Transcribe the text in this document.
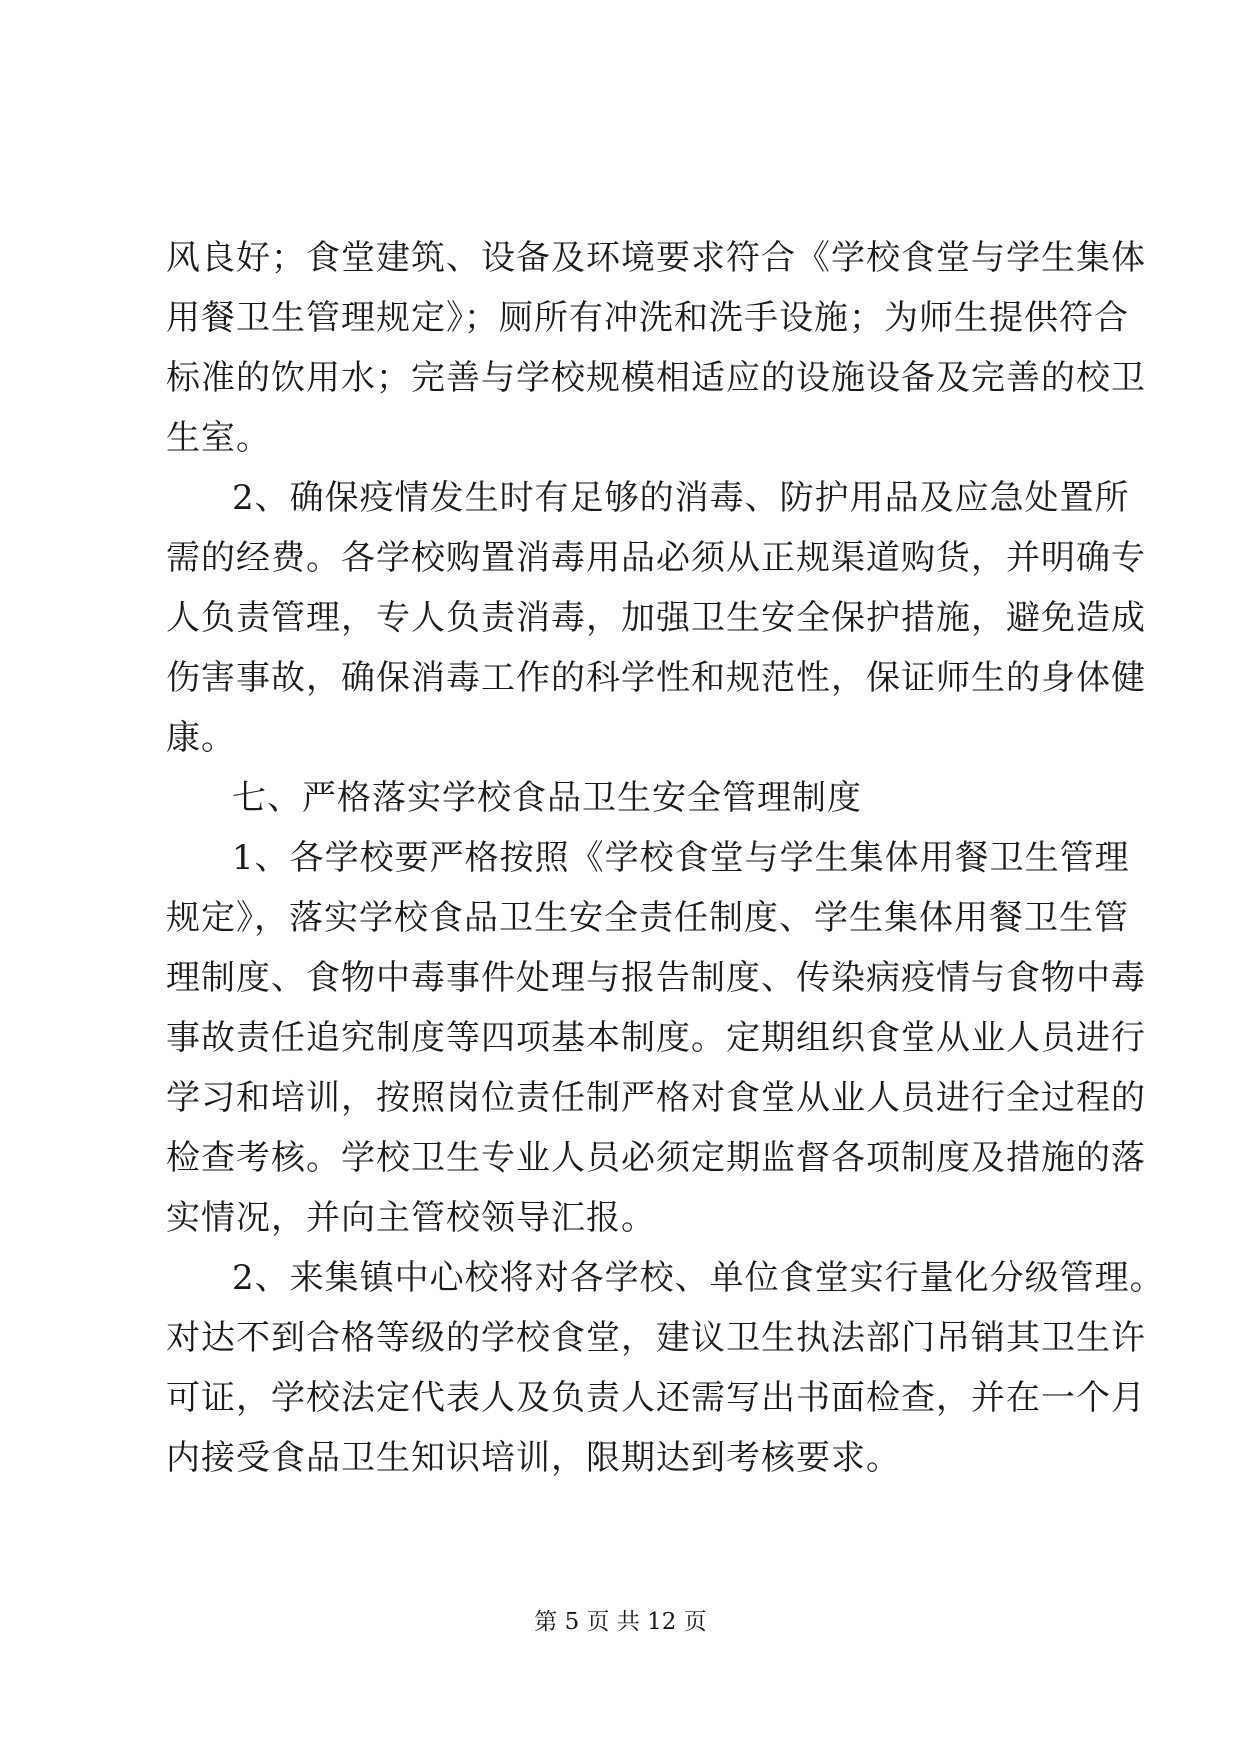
风良好；食堂建筑、设备及环境要求符合《学校食堂与学生集体
用餐卫生管理规定》；厕所有冲洗和洗手设施；为师生提供符合
标准的饮用水；完善与学校规模相适应的设施设备及完善的校卫
生室。
2、确保疫情发生时有足够的消毒、防护用品及应急处置所
需的经费。各学校购置消毒用品必须从正规渠道购货，并明确专
人负责管理，专人负责消毒，加强卫生安全保护措施，避免造成
伤害事故，确保消毒工作的科学性和规范性，保证师生的身体健
康。
七、严格落实学校食品卫生安全管理制度
1、各学校要严格按照《学校食堂与学生集体用餐卫生管理
规定》，落实学校食品卫生安全责任制度、学生集体用餐卫生管
理制度、食物中毒事件处理与报告制度、传染病疫情与食物中毒
事故责任追究制度等四项基本制度。定期组织食堂从业人员进行
学习和培训，按照岗位责任制严格对食堂从业人员进行全过程的
检查考核。学校卫生专业人员必须定期监督各项制度及措施的落
实情况，并向主管校领导汇报。
2、来集镇中心校将对各学校、单位食堂实行量化分级管理。
对达不到合格等级的学校食堂，建议卫生执法部门吊销其卫生许
可证，学校法定代表人及负责人还需写出书面检查，并在一个月
内接受食品卫生知识培训，限期达到考核要求。
第 5 页 共 12 页
